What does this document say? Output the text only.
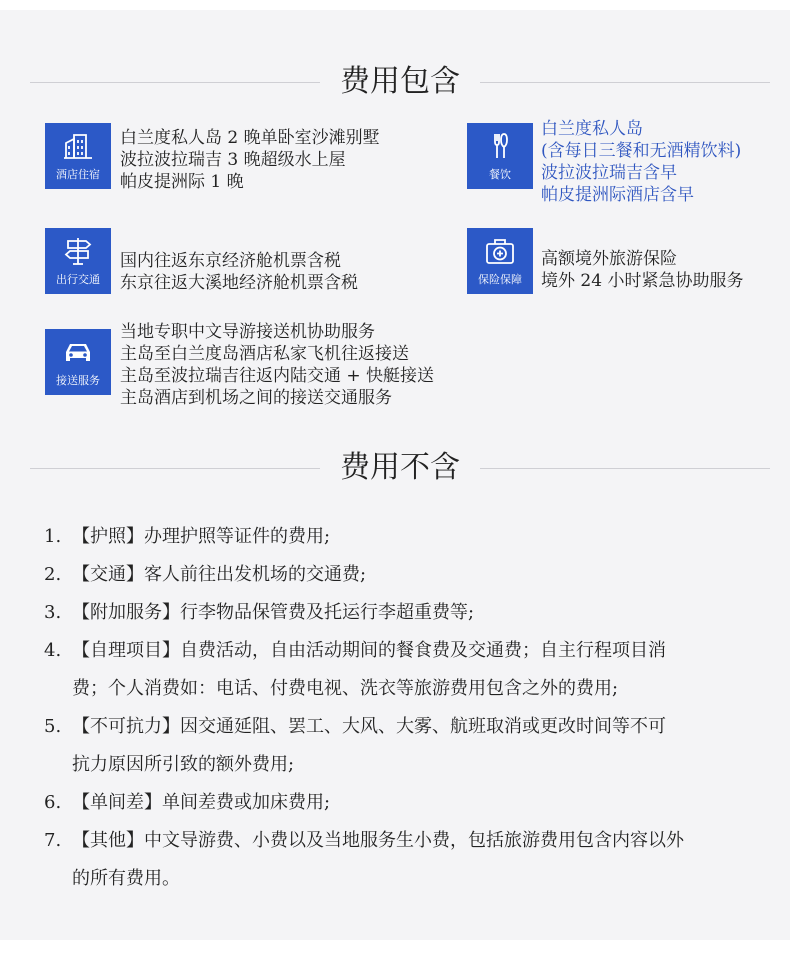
费用包含
酒店住宿
白兰度私人岛 2 晚单卧室沙滩别墅
波拉波拉瑞吉 3 晚超级水上屋
帕皮提洲际 1 晚	餐饮
白兰度私人岛
(含每日三餐和无酒精饮料)
波拉波拉瑞吉含早
帕皮提洲际酒店含早
出行交通
国内往返东京经济舱机票含税
东京往返大溪地经济舱机票含税	保险保障
高额境外旅游保险
境外 24 小时紧急协助服务
接送服务
当地专职中文导游接送机协助服务
主岛至白兰度岛酒店私家飞机往返接送
主岛至波拉瑞吉往返内陆交通 + 快艇接送
主岛酒店到机场之间的接送交通服务
费用不含
1. 【护照】办理护照等证件的费用;
2. 【交通】客人前往出发机场的交通费;
3. 【附加服务】行李物品保管费及托运行李超重费等;
4. 【自理项目】自费活动，自由活动期间的餐食费及交通费；自主行程项目消
费；个人消费如：电话、付费电视、洗衣等旅游费用包含之外的费用;
5. 【不可抗力】因交通延阻、罢工、大风、大雾、航班取消或更改时间等不可
抗力原因所引致的额外费用;
6. 【单间差】单间差费或加床费用;
7. 【其他】中文导游费、小费以及当地服务生小费，包括旅游费用包含内容以外
的所有费用。
